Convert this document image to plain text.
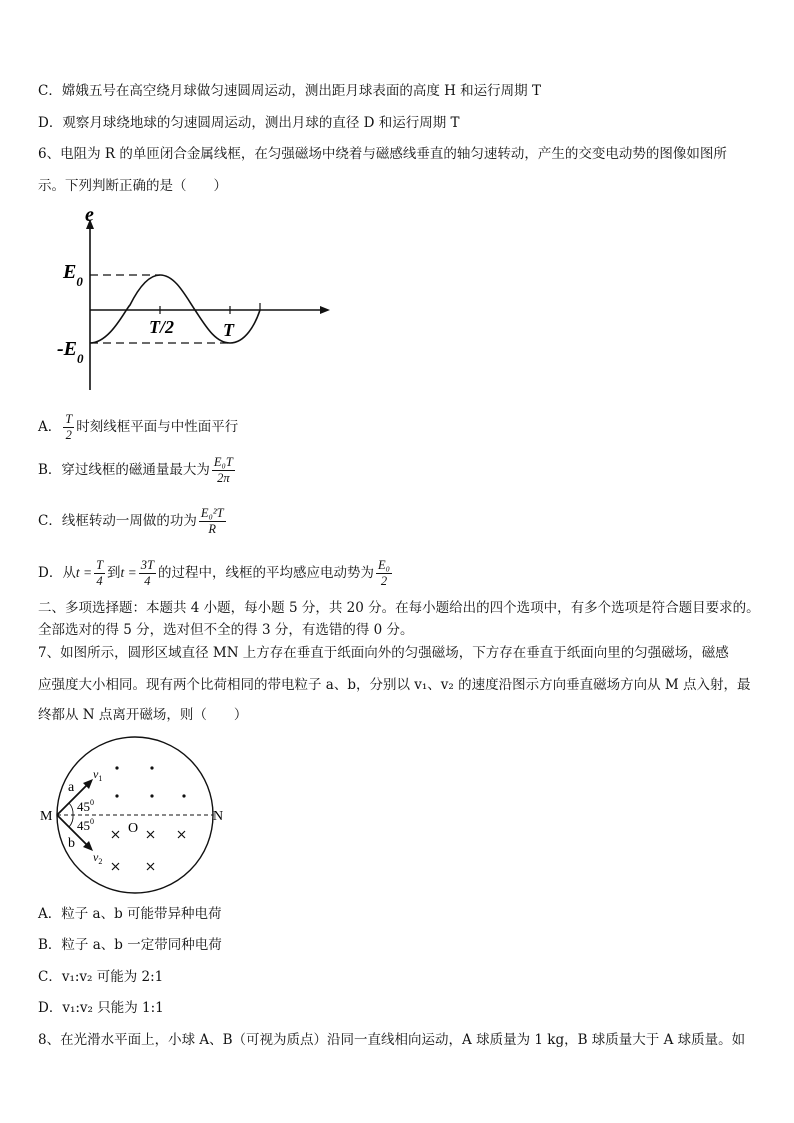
C．嫦娥五号在高空绕月球做匀速圆周运动，测出距月球表面的高度 H 和运行周期 T
D．观察月球绕地球的匀速圆周运动，测出月球的直径 D 和运行周期 T
6、电阻为 R 的单匝闭合金属线框，在匀强磁场中绕着与磁感线垂直的轴匀速转动，产生的交变电动势的图像如图所
示。下列判断正确的是（　　）
e
$E_0$
$-E_0$
T/2	T
A． $\frac{T}{2}$ 时刻线框平面与中性面平行
B．穿过线框的磁通量最大为 $\frac{\text{E₀T}}{2\pi}$
C．线框转动一周做的功为 $\frac{\text{E₀²T}}{R}$
D．从$t = \frac{T}{4}$ 到$t = \frac{3T}{4}$ 的过程中，线框的平均感应电动势为 $\frac{\text{E₀}}{2}$
二、多项选择题：本题共 4 小题，每小题 5 分，共 20 分。在每小题给出的四个选项中，有多个选项是符合题目要求的。全部选对的得 5 分，选对但不全的得 3 分，有选错的得 0 分。
7、如图所示，圆形区域直径 MN 上方存在垂直于纸面向外的匀强磁场，下方存在垂直于纸面向里的匀强磁场，磁感
应强度大小相同。现有两个比荷相同的带电粒子 a、b，分别以 v₁、v₂ 的速度沿图示方向垂直磁场方向从 M 点入射，最
终都从 N 点离开磁场，则（　　）
M	N
O
a
b
$v_1$
$v_2$
$45^0$
$45^0$
A．粒子 a、b 可能带异种电荷
B．粒子 a、b 一定带同种电荷
C．v₁:v₂ 可能为 2:1
D．v₁:v₂ 只能为 1:1
8、在光滑水平面上，小球 A、B（可视为质点）沿同一直线相向运动，A 球质量为 1 kg，B 球质量大于 A 球质量。如
